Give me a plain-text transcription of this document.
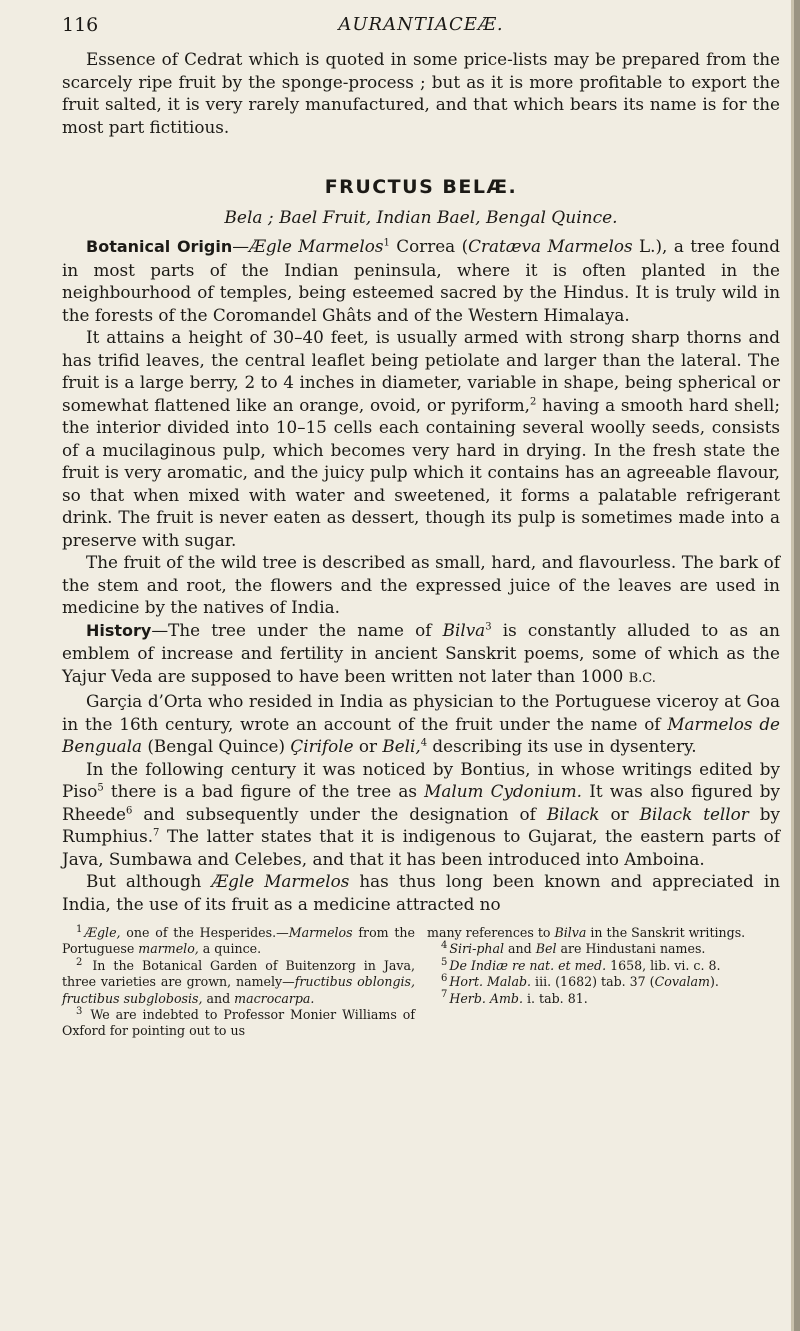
116	AURANTIACEÆ.

Essence of Cedrat which is quoted in some price-lists may be prepared from the scarcely ripe fruit by the sponge-process ; but as it is more profitable to export the fruit salted, it is very rarely manufactured, and that which bears its name is for the most part fictitious.

FRUCTUS BELÆ.
Bela ; Bael Fruit, Indian Bael, Bengal Quince.

Botanical Origin—Ægle Marmelos$^1$ Correa (Cratæva Marmelos L.), a tree found in most parts of the Indian peninsula, where it is often planted in the neighbourhood of temples, being esteemed sacred by the Hindus. It is truly wild in the forests of the Coromandel Ghâts and of the Western Himalaya.

It attains a height of 30–40 feet, is usually armed with strong sharp thorns and has trifid leaves, the central leaflet being petiolate and larger than the lateral. The fruit is a large berry, 2 to 4 inches in diameter, variable in shape, being spherical or somewhat flattened like an orange, ovoid, or pyriform,$^2$ having a smooth hard shell; the interior divided into 10–15 cells each containing several woolly seeds, consists of a mucilaginous pulp, which becomes very hard in drying. In the fresh state the fruit is very aromatic, and the juicy pulp which it contains has an agreeable flavour, so that when mixed with water and sweetened, it forms a palatable refrigerant drink. The fruit is never eaten as dessert, though its pulp is sometimes made into a preserve with sugar.

The fruit of the wild tree is described as small, hard, and flavourless. The bark of the stem and root, the flowers and the expressed juice of the leaves are used in medicine by the natives of India.

History—The tree under the name of Bilva$^3$ is constantly alluded to as an emblem of increase and fertility in ancient Sanskrit poems, some of which as the Yajur Veda are supposed to have been written not later than 1000 B.C.

Garçia d’Orta who resided in India as physician to the Portuguese viceroy at Goa in the 16th century, wrote an account of the fruit under the name of Marmelos de Benguala (Bengal Quince) Çirifole or Beli,$^4$ describing its use in dysentery.

In the following century it was noticed by Bontius, in whose writings edited by Piso$^5$ there is a bad figure of the tree as Malum Cydonium. It was also figured by Rheede$^6$ and subsequently under the designation of Bilack or Bilack tellor by Rumphius.$^7$ The latter states that it is indigenous to Gujarat, the eastern parts of Java, Sumbawa and Celebes, and that it has been introduced into Amboina.

But although Ægle Marmelos has thus long been known and appreciated in India, the use of its fruit as a medicine attracted no

$^1$ Ægle, one of the Hesperides.—Marmelos from the Portuguese marmelo, a quince.

$^2$ In the Botanical Garden of Buitenzorg in Java, three varieties are grown, namely—fructibus oblongis, fructibus subglobosis, and macrocarpa.

$^3$ We are indebted to Professor Monier Williams of Oxford for pointing out to us

many references to Bilva in the Sanskrit writings.

$^4$ Siri-phal and Bel are Hindustani names.

$^5$ De Indiæ re nat. et med. 1658, lib. vi. c. 8.

$^6$ Hort. Malab. iii. (1682) tab. 37 (Covalam).

$^7$ Herb. Amb. i. tab. 81.
